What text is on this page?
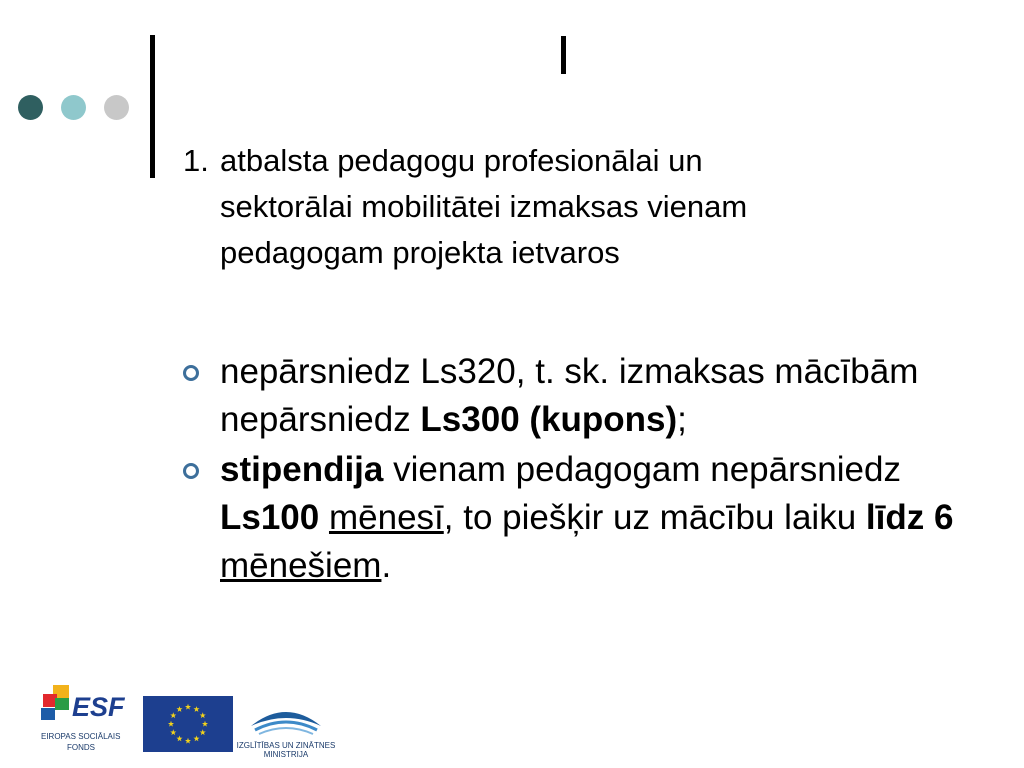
1. atbalsta pedagogu profesionālai un sektorālai mobilitātei izmaksas vienam pedagogam projekta ietvaros
nepārsniedz Ls320, t. sk. izmaksas mācībām nepārsniedz Ls300 (kupons);
stipendija vienam pedagogam nepārsniedz Ls100 mēnesī, to piešķir uz mācību laiku līdz 6 mēnešiem.
ESF
EIROPAS SOCIĀLAIS
FONDS	IZGLĪTĪBAS UN ZINĀTNES
MINISTRIJA
